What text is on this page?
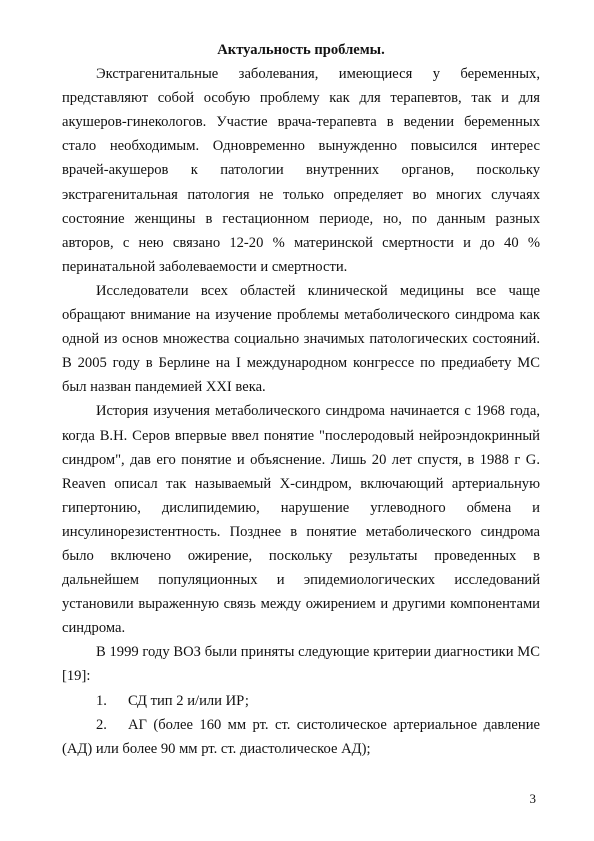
Актуальность проблемы.

Экстрагенитальные заболевания, имеющиеся у беременных, представляют собой особую проблему как для терапевтов, так и для акушеров-гинекологов. Участие врача-терапевта в ведении беременных стало необходимым. Одновременно вынужденно повысился интерес врачей-акушеров к патологии внутренних органов, поскольку экстрагенитальная патология не только определяет во многих случаях состояние женщины в гестационном периоде, но, по данным разных авторов, с нею связано 12-20 % материнской смертности и до 40 % перинатальной заболеваемости и смертности.

Исследователи всех областей клинической медицины все чаще обращают внимание на изучение проблемы метаболического синдрома как одной из основ множества социально значимых патологических состояний. В 2005 году в Берлине на I международном конгрессе по предиабету МС был назван пандемией XXI века.

История изучения метаболического синдрома начинается с 1968 года, когда В.Н. Серов впервые ввел понятие "послеродовый нейроэндокринный синдром", дав его понятие и объяснение. Лишь 20 лет спустя, в 1988 г G. Reaven описал так называемый Х-синдром, включающий артериальную гипертонию, дислипидемию, нарушение углеводного обмена и инсулинорезистентность. Позднее в понятие метаболического синдрома было включено ожирение, поскольку результаты проведенных в дальнейшем популяционных и эпидемиологических исследований установили выраженную связь между ожирением и другими компонентами синдрома.

В 1999 году ВОЗ были приняты следующие критерии диагностики МС [19]:

1. СД тип 2 и/или ИР;

2. АГ (более 160 мм рт. ст. систолическое артериальное давление (АД) или более 90 мм рт. ст. диастолическое АД);

3
